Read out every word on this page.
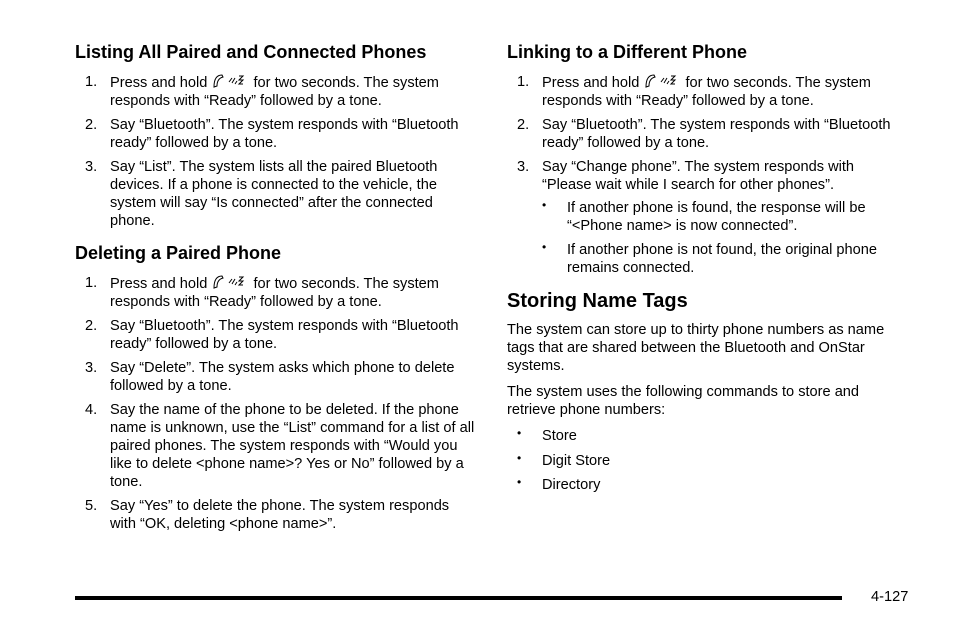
Listing All Paired and Connected Phones
1. Press and hold	for two seconds. The system responds with “Ready” followed by a tone.
2. Say “Bluetooth”. The system responds with “Bluetooth ready” followed by a tone.
3. Say “List”. The system lists all the paired Bluetooth devices. If a phone is connected to the vehicle, the system will say “Is connected” after the connected phone.
Deleting a Paired Phone
1. Press and hold	for two seconds. The system responds with “Ready” followed by a tone.
2. Say “Bluetooth”. The system responds with “Bluetooth ready” followed by a tone.
3. Say “Delete”. The system asks which phone to delete followed by a tone.
4. Say the name of the phone to be deleted. If the phone name is unknown, use the “List” command for a list of all paired phones. The system responds with “Would you like to delete <phone name>? Yes or No” followed by a tone.
5. Say “Yes” to delete the phone. The system responds with “OK, deleting <phone name>”.
Linking to a Different Phone
1. Press and hold	for two seconds. The system responds with “Ready” followed by a tone.
2. Say “Bluetooth”. The system responds with “Bluetooth ready” followed by a tone.
3. Say “Change phone”. The system responds with “Please wait while I search for other phones”.
• If another phone is found, the response will be “<Phone name> is now connected”.
• If another phone is not found, the original phone remains connected.
Storing Name Tags

The system can store up to thirty phone numbers as name tags that are shared between the Bluetooth and OnStar systems.

The system uses the following commands to store and retrieve phone numbers:

• Store
• Digit Store
• Directory
4-127
